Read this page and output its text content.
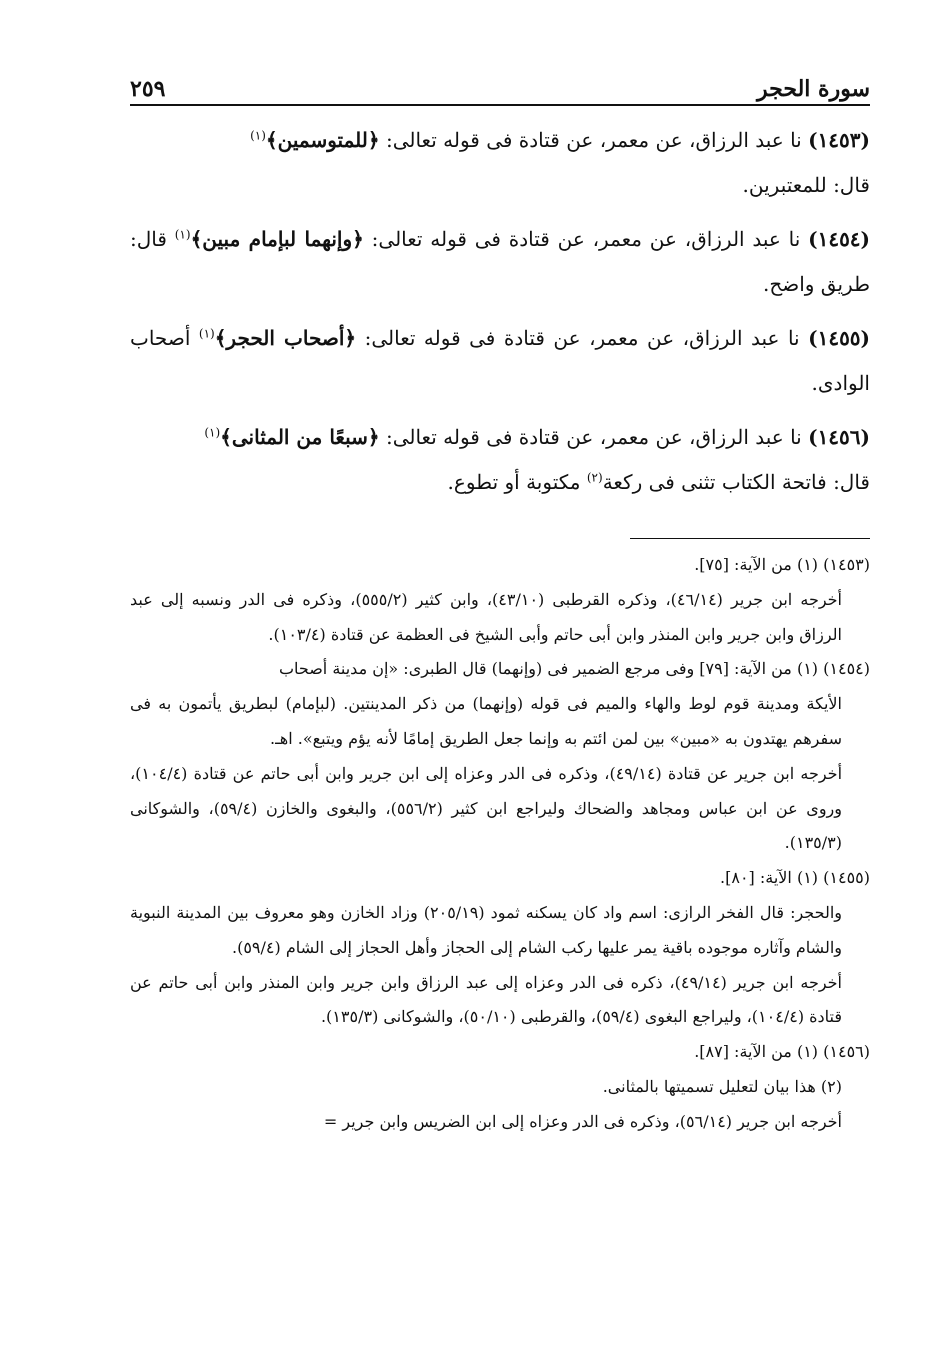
سورة الحجر
٢٥٩
(١٤٥٣) نا عبد الرزاق، عن معمر، عن قتادة فى قوله تعالى: ﴿للمتوسمين﴾$^{(١)}$
قال: للمعتبرين.
(١٤٥٤) نا عبد الرزاق، عن معمر، عن قتادة فى قوله تعالى: ﴿وإنهما لبإمام مبين﴾$^{(١)}$ قال: طريق واضح.
(١٤٥٥) نا عبد الرزاق، عن معمر، عن قتادة فى قوله تعالى: ﴿أصحاب الحجر﴾$^{(١)}$ أصحاب الوادى.
(١٤٥٦) نا عبد الرزاق، عن معمر، عن قتادة فى قوله تعالى: ﴿سبعًا من المثانى﴾$^{(١)}$
قال: فاتحة الكتاب تثنى فى ركعة$^{(٢)}$ مكتوبة أو تطوع.
(١٤٥٣) (١) من الآية: [٧٥].
أخرجه ابن جرير (٤٦/١٤)، وذكره القرطبى (٤٣/١٠)، وابن كثير (٥٥٥/٢)، وذكره فى الدر ونسبه إلى عبد الرزاق وابن جرير وابن المنذر وابن أبى حاتم وأبى الشيخ فى العظمة عن قتادة (١٠٣/٤).
(١٤٥٤) (١) من الآية: [٧٩] وفى مرجع الضمير فى (وإنهما) قال الطبرى: «إن مدينة أصحاب
الأيكة ومدينة قوم لوط والهاء والميم فى قوله (وإنهما) من ذكر المدينتين. (لبإمام) لبطريق يأتمون به فى سفرهم يهتدون به «مبين» بين لمن ائتم به وإنما جعل الطريق إمامًا لأنه يؤم ويتبع». اهـ.
أخرجه ابن جرير عن قتادة (٤٩/١٤)، وذكره فى الدر وعزاه إلى ابن جرير وابن أبى حاتم عن قتادة (١٠٤/٤)، وروى عن ابن عباس ومجاهد والضحاك وليراجع ابن كثير (٥٥٦/٢)، والبغوى والخازن (٥٩/٤)، والشوكانى (١٣٥/٣).
(١٤٥٥) (١) الآية: [٨٠].
والحجر: قال الفخر الرازى: اسم واد كان يسكنه ثمود (٢٠٥/١٩) وزاد الخازن وهو معروف بين المدينة النبوية والشام وآثاره موجوده باقية يمر عليها ركب الشام إلى الحجاز وأهل الحجاز إلى الشام (٥٩/٤).
أخرجه ابن جرير (٤٩/١٤)، ذكره فى الدر وعزاه إلى عبد الرزاق وابن جرير وابن المنذر وابن أبى حاتم عن قتادة (١٠٤/٤)، وليراجع البغوى (٥٩/٤)، والقرطبى (٥٠/١٠)، والشوكانى (١٣٥/٣).
(١٤٥٦) (١) من الآية: [٨٧].
(٢) هذا بيان لتعليل تسميتها بالمثانى.
أخرجه ابن جرير (٥٦/١٤)، وذكره فى الدر وعزاه إلى ابن الضريس وابن جرير =
